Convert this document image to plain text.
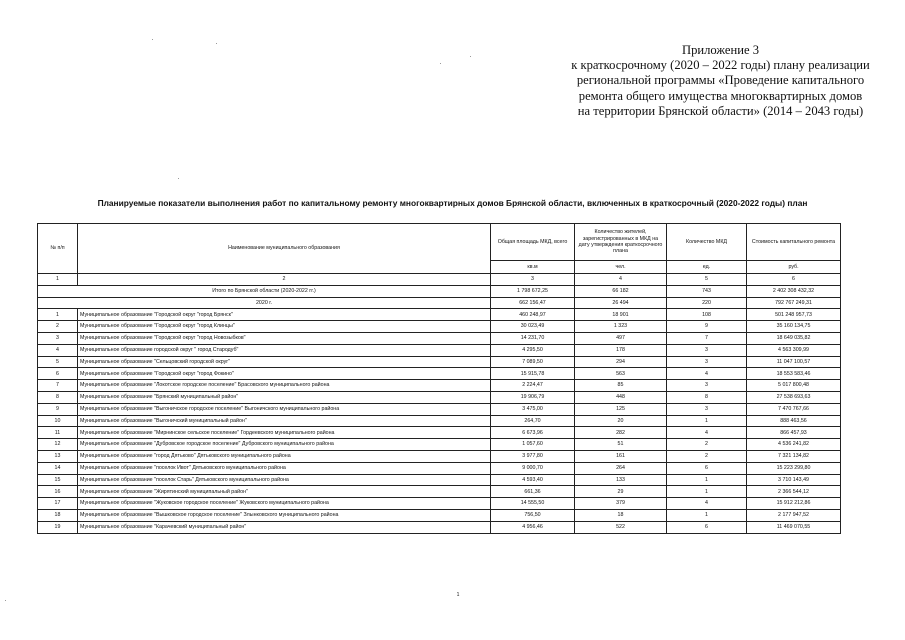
Приложение 3
к краткосрочному (2020 – 2022 годы) плану реализации
региональной программы «Проведение капитального
ремонта общего имущества многоквартирных домов
на территории Брянской области» (2014 – 2043 годы)
Планируемые показатели выполнения работ по капитальному ремонту многоквартирных домов Брянской области, включенных в краткосрочный (2020-2022 годы) план
№ п/п	Наименование муниципального образования	Общая площадь МКД, всего	Количество жителей, зарегистрированных в МКД на дату утверждения краткосрочного плана	Количество МКД	Стоимость капитального ремонта
		кв.м	чел.	ед.	руб.
1	2	3	4	5	6
Итого по Брянской области (2020-2022 гг.)		1 798 672,25	66 182	743	2 402 308 432,32
2020 г.		662 156,47	26 494	220	792 767 249,31
1	Муниципальное образование "Городской округ "город Брянск"	460 248,97	18 901	108	501 248 957,73
2	Муниципальное образование "Городской округ "город Клинцы"	30 023,49	1 323	9	35 160 134,75
3	Муниципальное образование "Городской округ "город Новозыбков"	14 231,70	497	7	18 649 035,82
4	Муниципальное образование городской округ " город Стародуб"	4 295,50	178	3	4 563 309,99
5	Муниципальное образование "Сельцовский городской округ"	7 089,50	294	3	11 047 100,57
6	Муниципальное образование "Городской округ "город Фокино"	15 915,78	563	4	18 553 583,46
7	Муниципальное образование "Локотское городское поселение" Брасовского муниципального района	2 224,47	85	3	5 017 800,48
8	Муниципальное образование "Брянский муниципальный район"	19 906,79	448	8	27 538 693,63
9	Муниципальное образование "Выгоничское городское поселение" Выгоничского муниципального района	3 475,00	125	3	7 470 767,66
10	Муниципальное образование "Выгоничский муниципальный район"	264,70	20	1	888 463,56
11	Муниципальное образование "Мирнинское сельское поселение" Гордеевского муниципального района	6 673,96	282	4	866 457,93
12	Муниципальное образование "Дубровское городское поселение" Дубровского муниципального района	1 057,60	51	2	4 536 241,82
13	Муниципальное образование "город Дятьково" Дятьковского муниципального района	3 977,80	161	2	7 321 134,82
14	Муниципальное образование "поселок Ивот" Дятьковского муниципального района	9 000,70	264	6	15 223 299,80
15	Муниципальное образование "поселок Старь" Дятьковского муниципального района	4 593,40	133	1	3 710 143,49
16	Муниципальное образование "Жирятинский муниципальный район"	661,36	29	1	2 366 544,12
17	Муниципальное образование "Жуковское городское поселение" Жуковского муниципального района	14 555,50	379	4	15 912 212,86
18	Муниципальное образование "Вышковское городское поселение" Злынковского муниципального района	756,50	18	1	2 177 947,52
19	Муниципальное образование "Карачевский муниципальный район"	4 956,46	522	6	11 469 070,55
1
